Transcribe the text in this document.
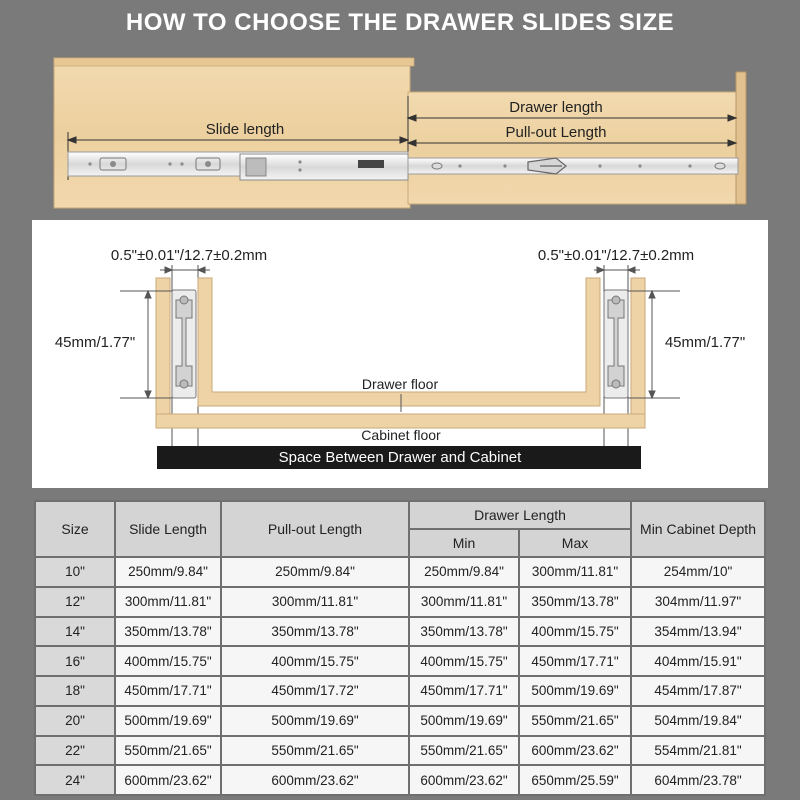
HOW TO CHOOSE THE DRAWER SLIDES SIZE
Drawer length
Pull-out Length
Slide length
0.5"±0.01"/12.7±0.2mm	0.5"±0.01"/12.7±0.2mm
45mm/1.77"	45mm/1.77"
Drawer floor
Cabinet floor
Space Between Drawer and Cabinet
Size	Slide Length	Pull-out Length	Drawer Length		Min Cabinet Depth
			Min	Max	
10"	250mm/9.84"	250mm/9.84"	250mm/9.84"	300mm/11.81"	254mm/10"
12"	300mm/11.81"	300mm/11.81"	300mm/11.81"	350mm/13.78"	304mm/11.97"
14"	350mm/13.78"	350mm/13.78"	350mm/13.78"	400mm/15.75"	354mm/13.94"
16"	400mm/15.75"	400mm/15.75"	400mm/15.75"	450mm/17.71"	404mm/15.91"
18"	450mm/17.71"	450mm/17.72"	450mm/17.71"	500mm/19.69"	454mm/17.87"
20"	500mm/19.69"	500mm/19.69"	500mm/19.69"	550mm/21.65"	504mm/19.84"
22"	550mm/21.65"	550mm/21.65"	550mm/21.65"	600mm/23.62"	554mm/21.81"
24"	600mm/23.62"	600mm/23.62"	600mm/23.62"	650mm/25.59"	604mm/23.78"
